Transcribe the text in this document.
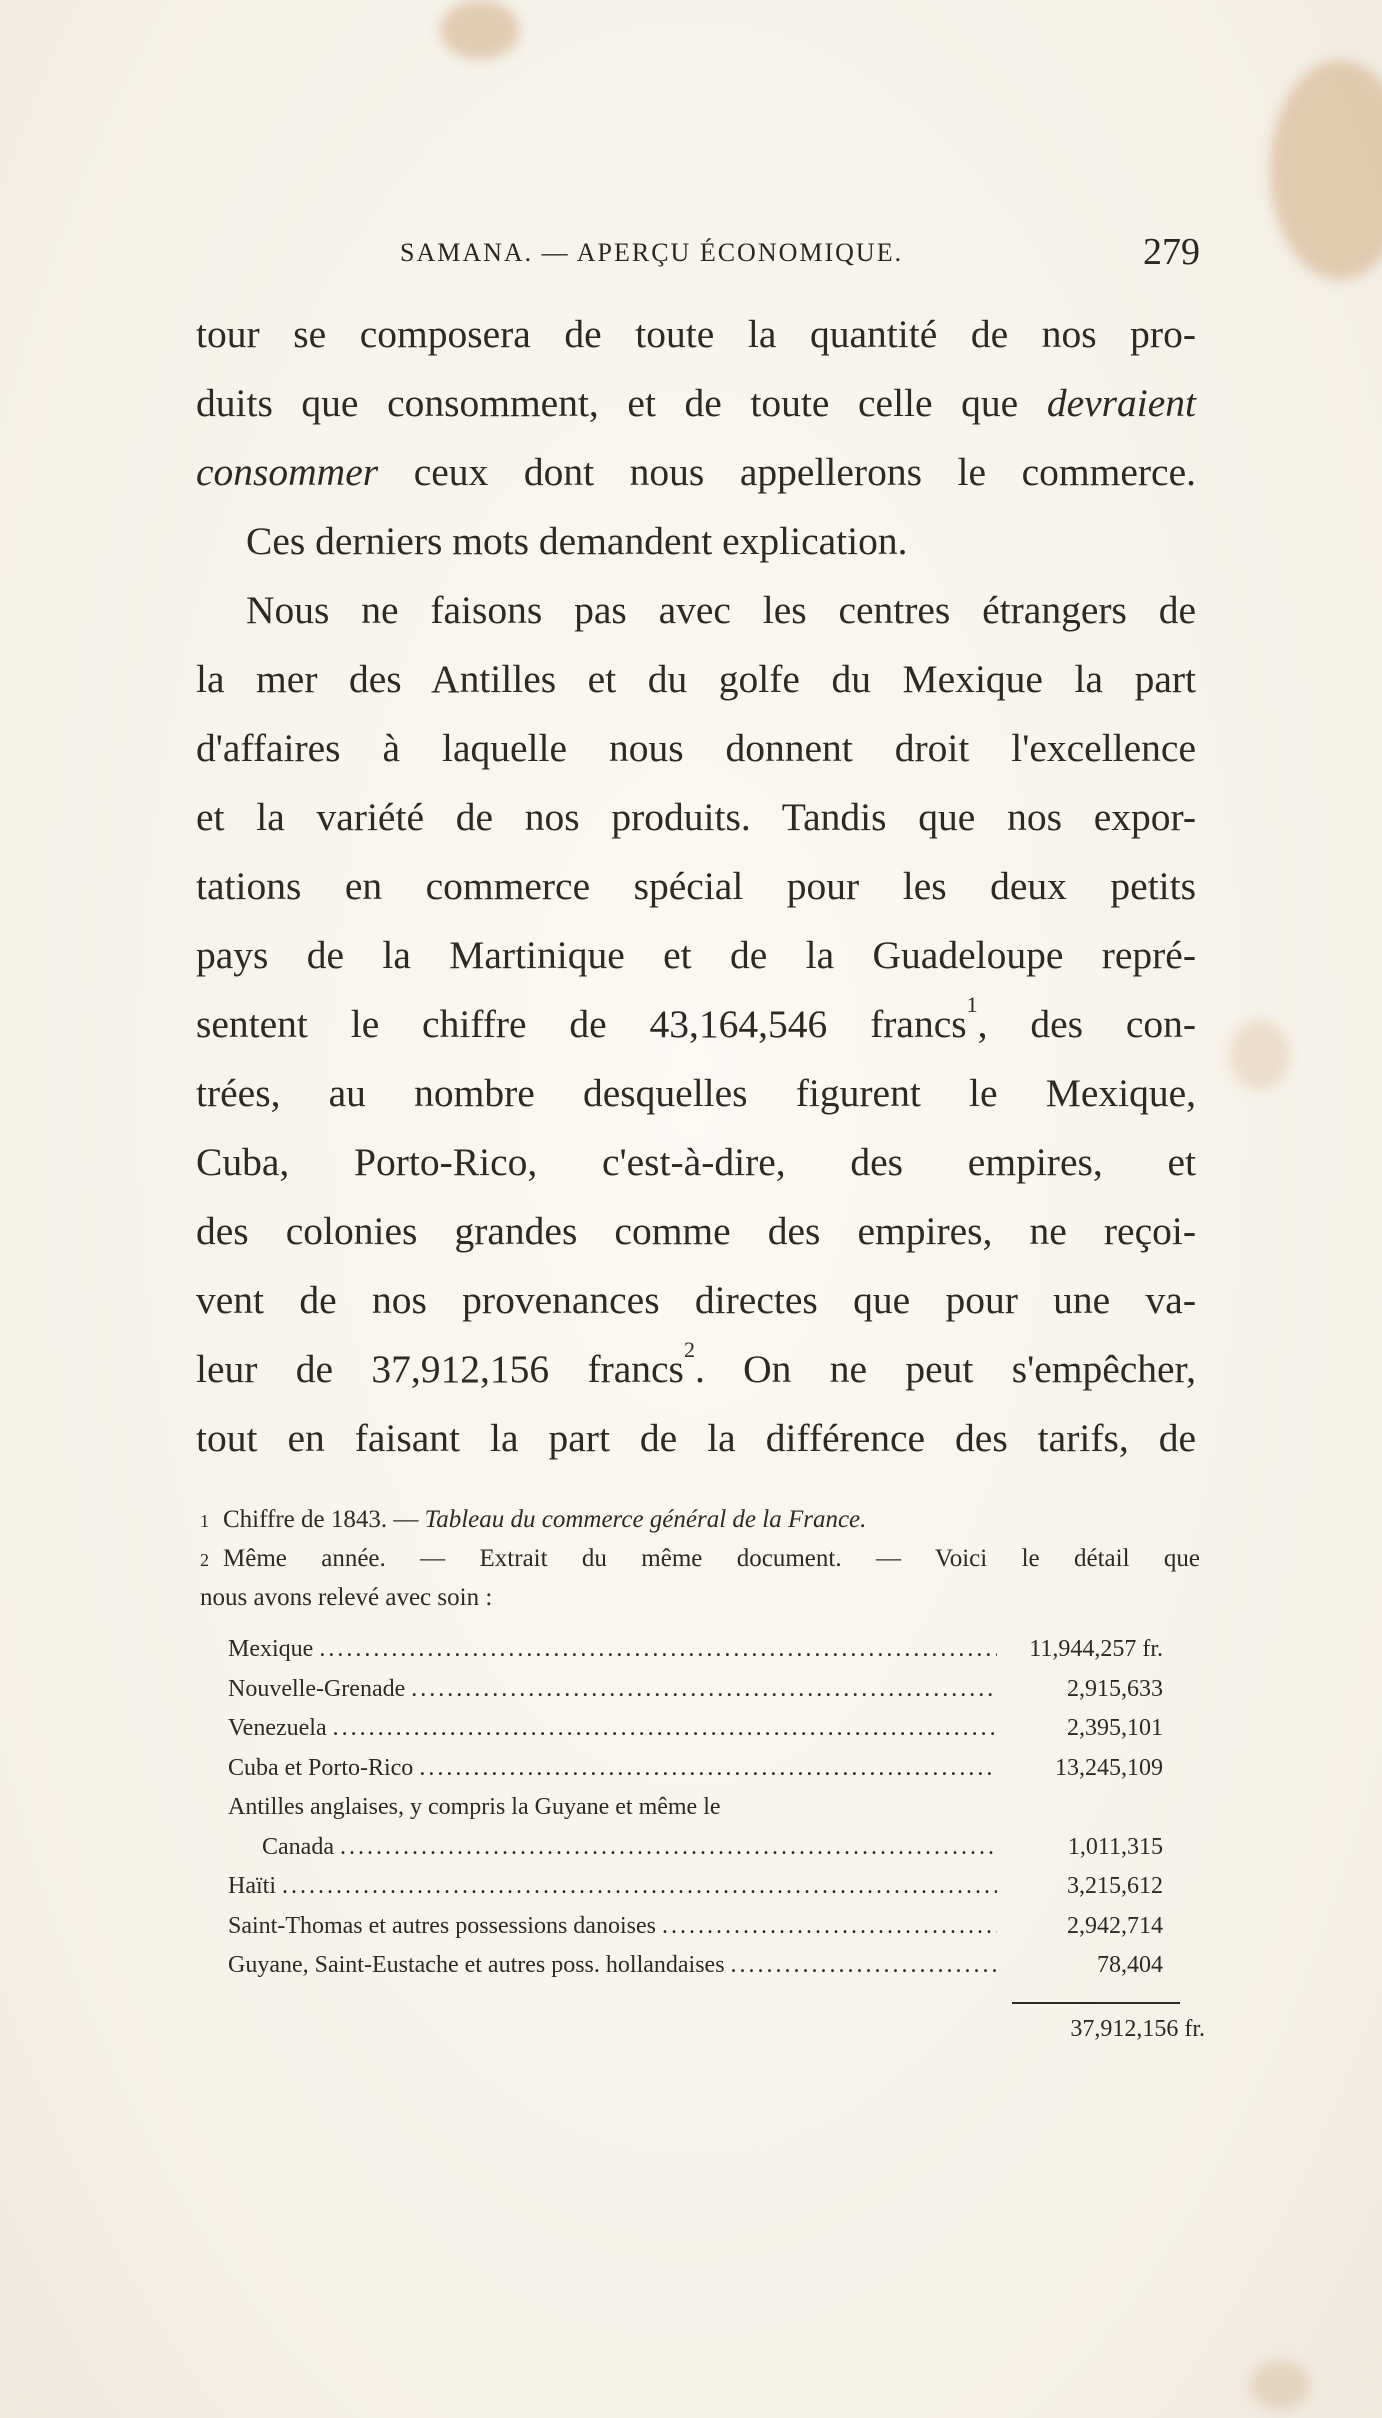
SAMANA. — APERÇU ÉCONOMIQUE.	279
tour se composera de toute la quantité de nos pro-
duits que consomment, et de toute celle que devraient
consommer ceux dont nous appellerons le commerce.
Ces derniers mots demandent explication.
Nous ne faisons pas avec les centres étrangers de
la mer des Antilles et du golfe du Mexique la part
d'affaires à laquelle nous donnent droit l'excellence
et la variété de nos produits. Tandis que nos expor-
tations en commerce spécial pour les deux petits
pays de la Martinique et de la Guadeloupe repré-
sentent le chiffre de 43,164,546 francs$^1$, des con-
trées, au nombre desquelles figurent le Mexique,
Cuba, Porto-Rico, c'est-à-dire, des empires, et
des colonies grandes comme des empires, ne reçoi-
vent de nos provenances directes que pour une va-
leur de 37,912,156 francs$^2$. On ne peut s'empêcher,
tout en faisant la part de la différence des tarifs, de
$^1$ Chiffre de 1843. — Tableau du commerce général de la France.
$^2$ Même année. — Extrait du même document. — Voici le détail que
nous avons relevé avec soin :
Mexique .....	11,944,257 fr.
Nouvelle-Grenade .....	2,915,633
Venezuela .....	2,395,101
Cuba et Porto-Rico .....	13,245,109
Antilles anglaises, y compris la Guyane et même le
Canada .....	1,011,315
Haïti .....	3,215,612
Saint-Thomas et autres possessions danoises .....	2,942,714
Guyane, Saint-Eustache et autres poss. hollandaises .....	78,404
37,912,156 fr.
